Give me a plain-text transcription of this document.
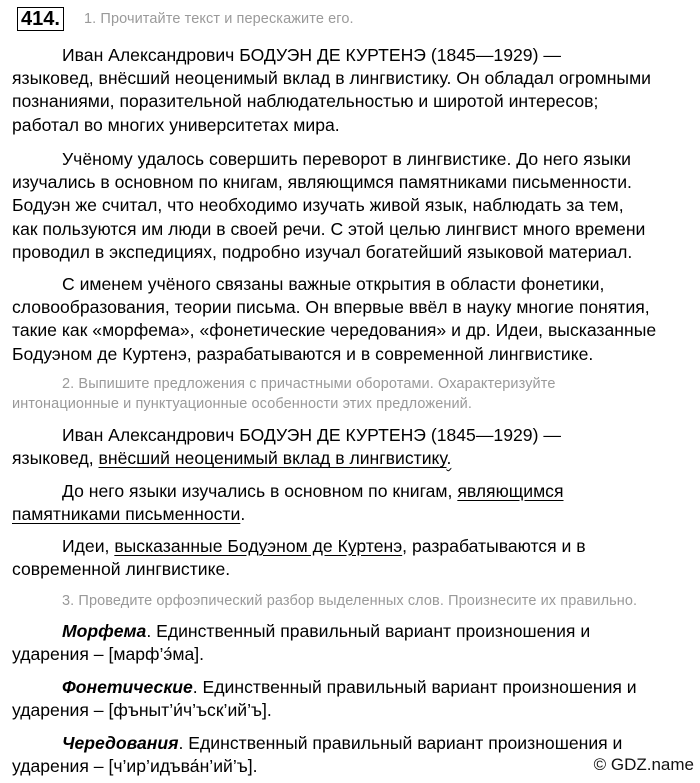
414. 1. Прочитайте текст и перескажите его.
Иван Александрович БОДУЭН ДЕ КУРТЕНЭ (1845—1929) —
языковед, внёсший неоценимый вклад в лингвистику. Он обладал огромными
познаниями, поразительной наблюдательностью и широтой интересов;
работал во многих университетах мира.
Учёному удалось совершить переворот в лингвистике. До него языки
изучались в основном по книгам, являющимся памятниками письменности.
Бодуэн же считал, что необходимо изучать живой язык, наблюдать за тем,
как пользуются им люди в своей речи. С этой целью лингвист много времени
проводил в экспедициях, подробно изучал богатейший языковой материал.
С именем учёного связаны важные открытия в области фонетики,
словообразования, теории письма. Он впервые ввёл в науку многие понятия,
такие как «морфема», «фонетические чередования» и др. Идеи, высказанные
Бодуэном де Куртенэ, разрабатываются и в современной лингвистике.
2. Выпишите предложения с причастными оборотами. Охарактеризуйте
интонационные и пунктуационные особенности этих предложений.
Иван Александрович БОДУЭН ДЕ КУРТЕНЭ (1845—1929) —
языковед, внёсший неоценимый вклад в лингвистику.
До него языки изучались в основном по книгам, являющимся
памятниками письменности.
Идеи, высказанные Бодуэном де Куртенэ, разрабатываются и в
современной лингвистике.
3. Проведите орфоэпический разбор выделенных слов. Произнесите их правильно.
Морфема. Единственный правильный вариант произношения и
ударения – [марф’э́ма].
Фонетические. Единственный правильный вариант произношения и
ударения – [фъныт’и́ч’ъск’ий’ъ].
Чередования. Единственный правильный вариант произношения и
ударения – [ч’ир’идъва́н’ий’ъ].	© GDZ.name
